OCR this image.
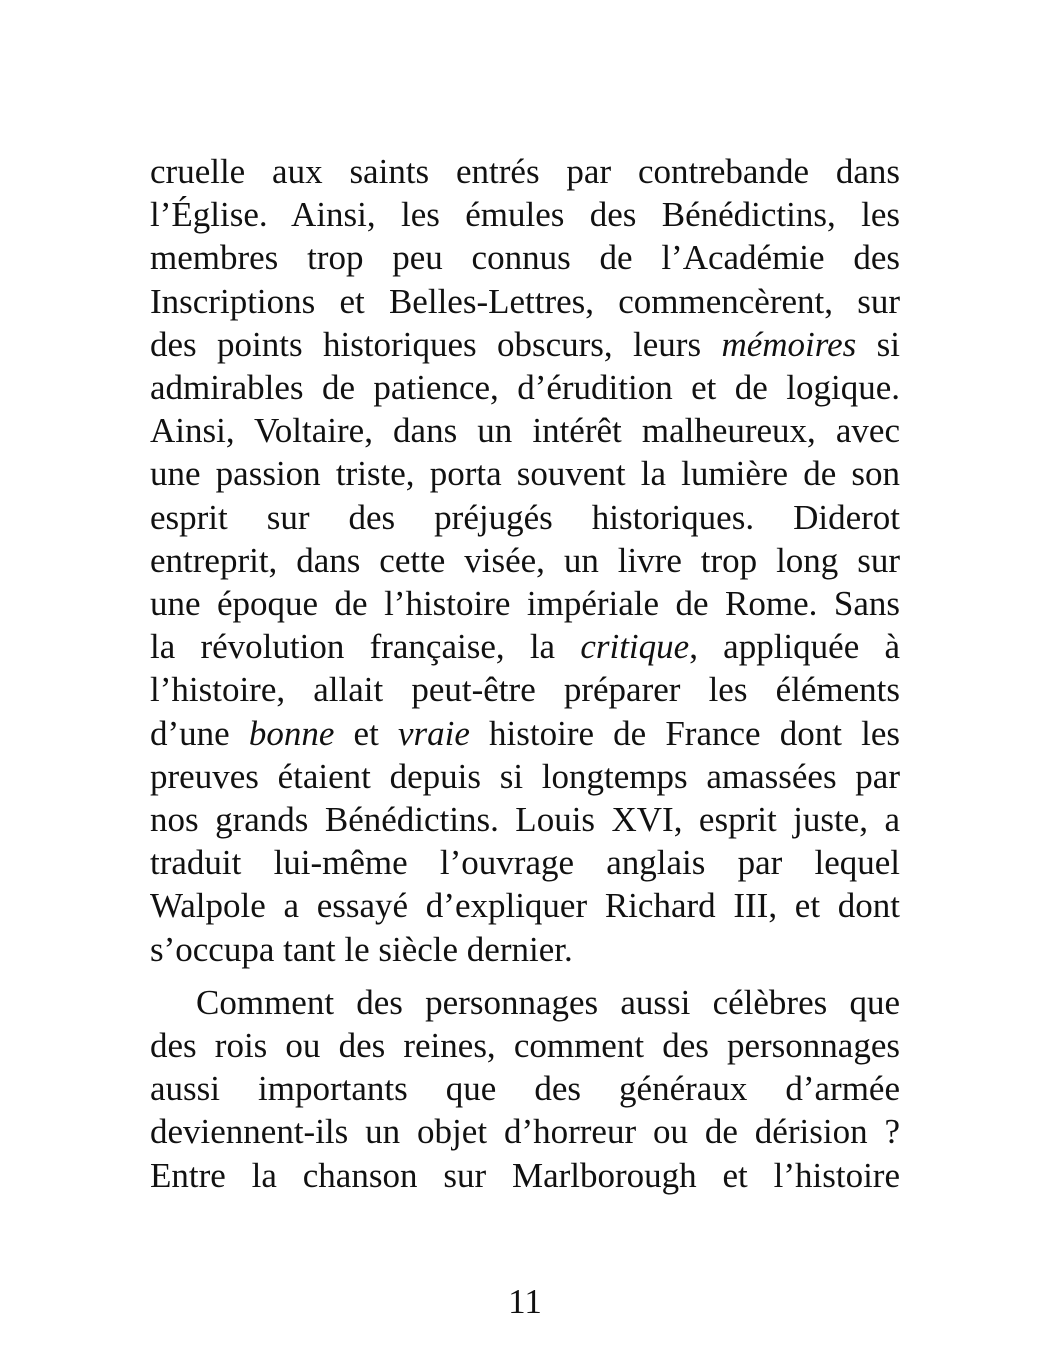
cruelle aux saints entrés par contrebande dans
l’Église. Ainsi, les émules des Bénédictins, les
membres trop peu connus de l’Académie des
Inscriptions et Belles-Lettres, commencèrent, sur
des points historiques obscurs, leurs mémoires si
admirables de patience, d’érudition et de logique.
Ainsi, Voltaire, dans un intérêt malheureux, avec
une passion triste, porta souvent la lumière de son
esprit sur des préjugés historiques. Diderot
entreprit, dans cette visée, un livre trop long sur
une époque de l’histoire impériale de Rome. Sans
la révolution française, la critique, appliquée à
l’histoire, allait peut-être préparer les éléments
d’une bonne et vraie histoire de France dont les
preuves étaient depuis si longtemps amassées par
nos grands Bénédictins. Louis XVI, esprit juste, a
traduit lui-même l’ouvrage anglais par lequel
Walpole a essayé d’expliquer Richard III, et dont
s’occupa tant le siècle dernier.
Comment des personnages aussi célèbres que
des rois ou des reines, comment des personnages
aussi importants que des généraux d’armée
deviennent-ils un objet d’horreur ou de dérision ?
Entre la chanson sur Marlborough et l’histoire
11
